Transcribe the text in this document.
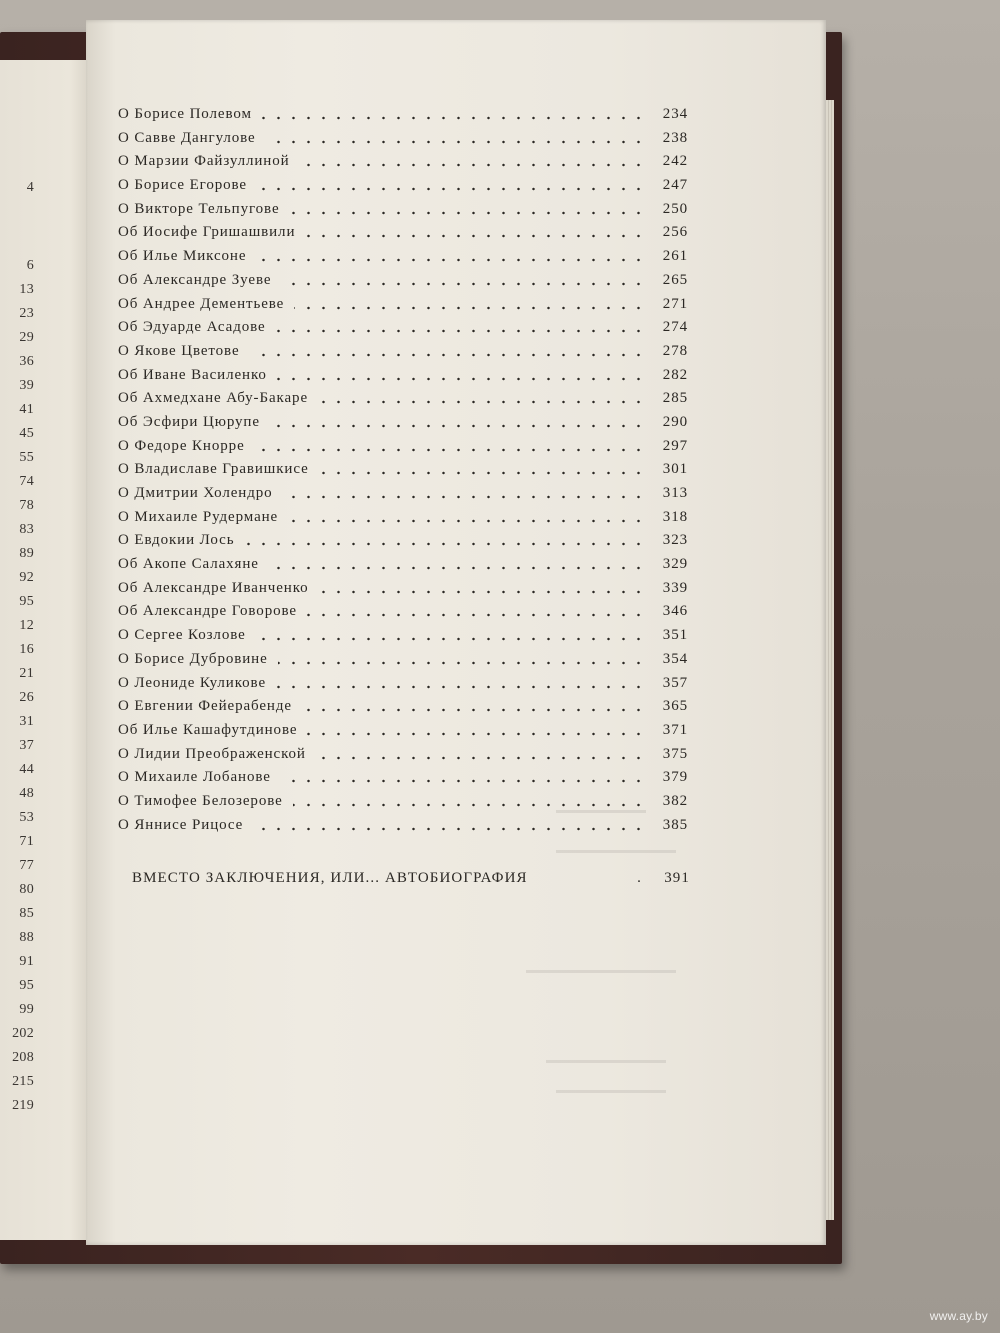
4
6
13
23
29
36
39
41
45
55
74
78
83
89
92
95
12
16
21
26
31
37
44
48
53
71
77
80
85
88
91
95
99
202
208
215
219
О Борисе Полевом	234
О Савве Дангулове	238
О Марзии Файзуллиной	242
О Борисе Егорове	247
О Викторе Тельпугове	250
Об Иосифе Гришашвили	256
Об Илье Миксоне	261
Об Александре Зуеве	265
Об Андрее Дементьеве	271
Об Эдуарде Асадове	274
О Якове Цветове	278
Об Иване Василенко	282
Об Ахмедхане Абу-Бакаре	285
Об Эсфири Цюрупе	290
О Федоре Кнорре	297
О Владиславе Гравишкисе	301
О Дмитрии Холендро	313
О Михаиле Рудермане	318
О Евдокии Лось	323
Об Акопе Салахяне	329
Об Александре Иванченко	339
Об Александре Говорове	346
О Сергее Козлове	351
О Борисе Дубровине	354
О Леониде Куликове	357
О Евгении Фейерабенде	365
Об Илье Кашафутдинове	371
О Лидии Преображенской	375
О Михаиле Лобанове	379
О Тимофее Белозерове	382
О Яннисе Рицосе	385
ВМЕСТО ЗАКЛЮЧЕНИЯ, ИЛИ... АВТОБИОГРАФИЯ	. 391
www.ay.by
